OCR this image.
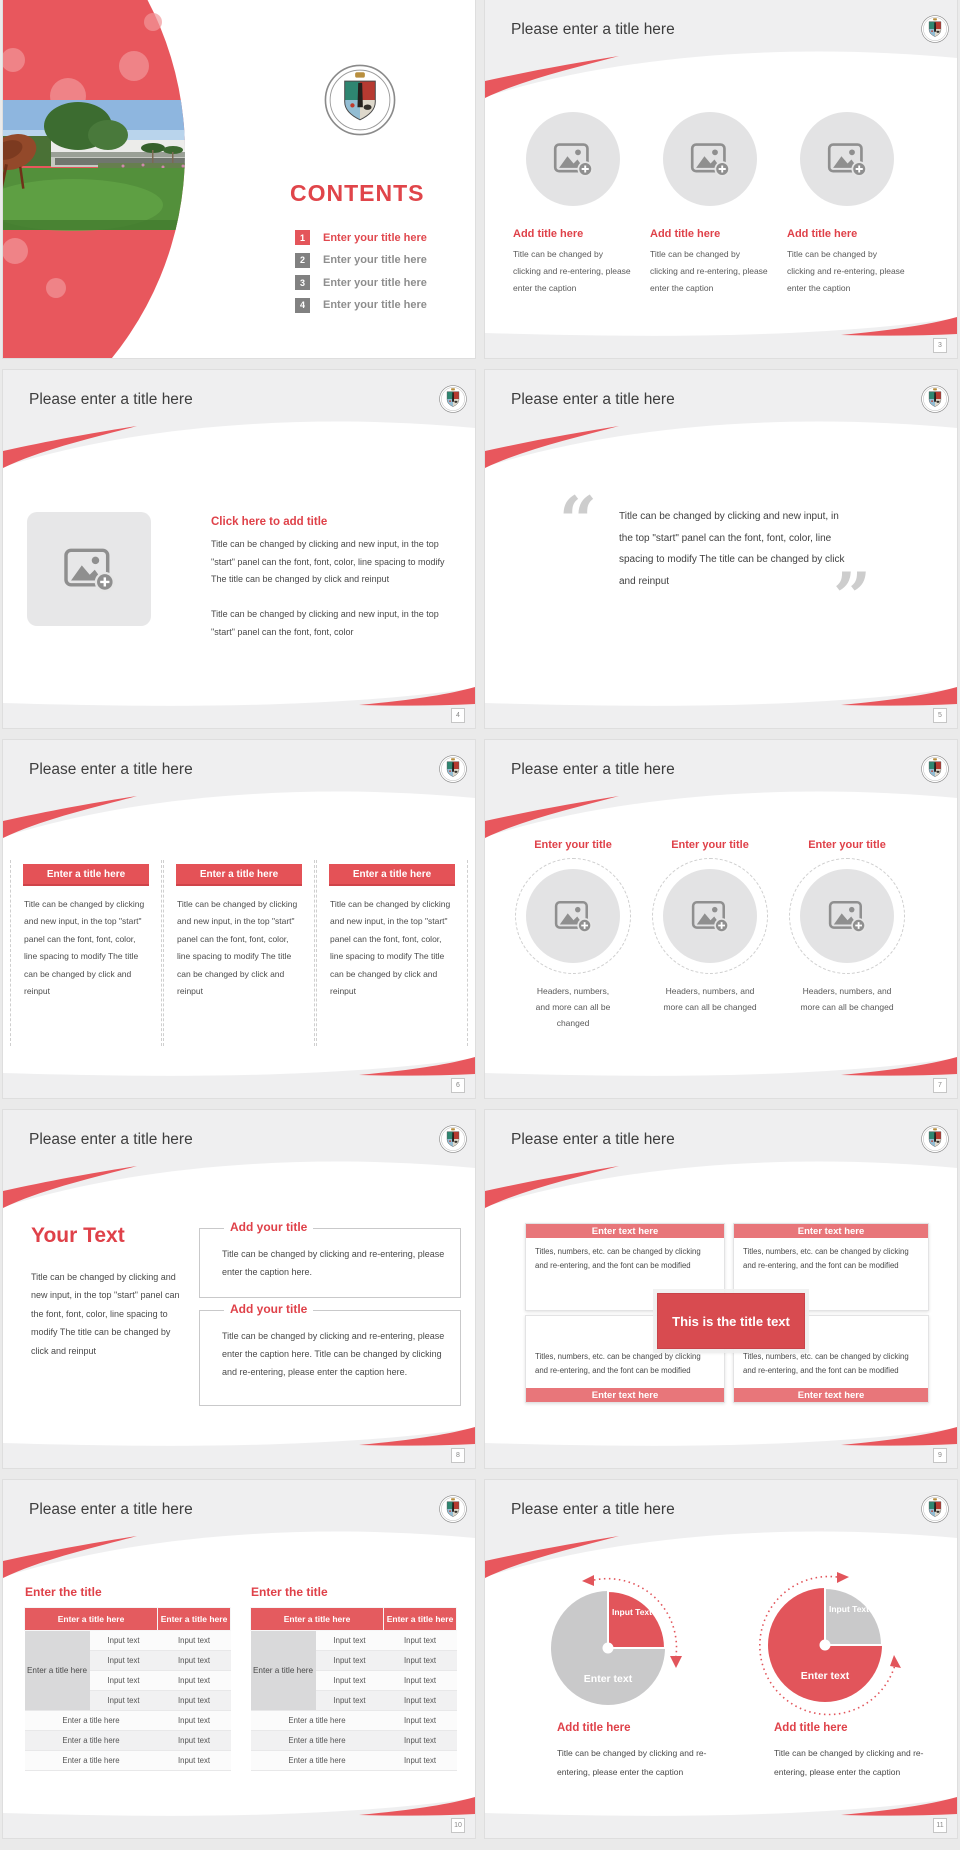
CONTENTS
1	Enter your title here
2	Enter your title here
3	Enter your title here
4	Enter your title here
Please enter a title here
Add title here
Title can be changed by clicking and re-entering, please enter the caption
Add title here
Title can be changed by clicking and re-entering, please enter the caption
Add title here
Title can be changed by clicking and re-entering, please enter the caption
3
Please enter a title here
Click here to add title
Title can be changed by clicking and new input, in the top "start" panel can the font, font, color, line spacing to modify The title can be changed by click and reinput
Title can be changed by clicking and new input, in the top "start" panel can the font, font, color
4
Please enter a title here
“ Title can be changed by clicking and new input, in the top "start" panel can the font, font, color, line spacing to modify The title can be changed by click and reinput	”
5
Please enter a title here
Enter a title here
Title can be changed by clicking and new input, in the top "start" panel can the font, font, color, line spacing to modify The title can be changed by click and reinput
Enter a title here
Title can be changed by clicking and new input, in the top "start" panel can the font, font, color, line spacing to modify The title can be changed by click and reinput
Enter a title here
Title can be changed by clicking and new input, in the top "start" panel can the font, font, color, line spacing to modify The title can be changed by click and reinput
6
Please enter a title here
Enter your title
Headers, numbers, and more can all be changed
Enter your title
Headers, numbers, and more can all be changed
Enter your title
Headers, numbers, and more can all be changed
7
Please enter a title here
Your Text
Title can be changed by clicking and new input, in the top "start" panel can the font, font, color, line spacing to modify The title can be changed by click and reinput
Add your title
Title can be changed by clicking and re-entering, please enter the caption here.
Add your title
Title can be changed by clicking and re-entering, please enter the caption here. Title can be changed by clicking and re-entering, please enter the caption here.
8
Please enter a title here
Enter text here
Titles, numbers, etc. can be changed by clicking and re-entering, and the font can be modified
Enter text here
Titles, numbers, etc. can be changed by clicking and re-entering, and the font can be modified
Titles, numbers, etc. can be changed by clicking and re-entering, and the font can be modified
Enter text here
Titles, numbers, etc. can be changed by clicking and re-entering, and the font can be modified
Enter text here
This is the title text
9
Please enter a title here
Enter the title	Enter the title
Enter a title here		Enter a title here
Enter a title here	Input text	Input text
	Input text	Input text
	Input text	Input text
	Input text	Input text
Enter a title here		Input text
Enter a title here		Input text
Enter a title here		Input text
Enter a title here		Enter a title here
Enter a title here	Input text	Input text
	Input text	Input text
	Input text	Input text
	Input text	Input text
Enter a title here		Input text
Enter a title here		Input text
Enter a title here		Input text
10
Please enter a title here
Input Text
Enter text
Add title here
Title can be changed by clicking and re-entering, please enter the caption
Input Text
Enter text
Add title here
Title can be changed by clicking and re-entering, please enter the caption
11
